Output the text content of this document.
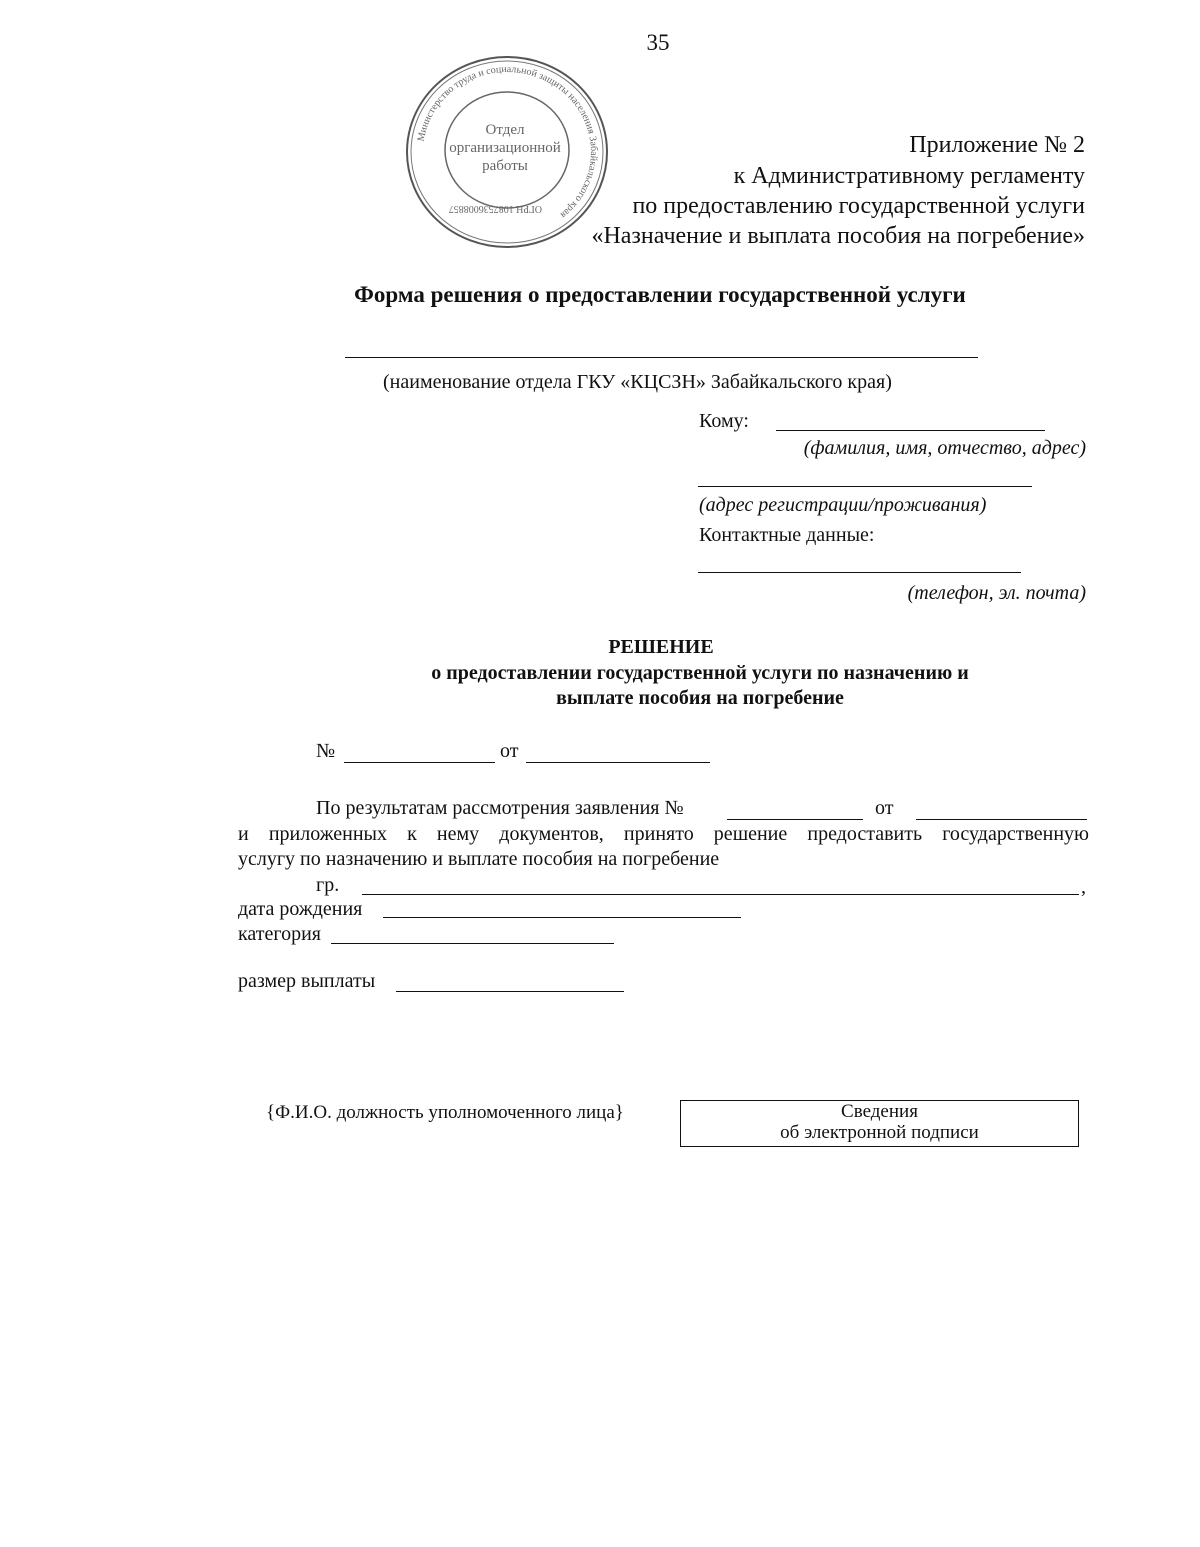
35
Министерство труда и социальной защиты населения Забайкальского края
ОГРН 1087536008857
Отдел
организационной
работы
Приложение № 2
к Административному регламенту
по предоставлению государственной услуги
«Назначение и выплата пособия на погребение»
Форма решения о предоставлении государственной услуги
(наименование отдела ГКУ «КЦСЗН» Забайкальского края)
Кому:
(фамилия, имя, отчество, адрес)
(адрес регистрации/проживания)
Контактные данные:
(телефон, эл. почта)
РЕШЕНИЕ
о предоставлении государственной услуги по назначению и
выплате пособия на погребение
№	от
По результатам рассмотрения заявления №	от
и приложенных к нему документов, принято решение предоставить государственную
услугу по назначению и выплате пособия на погребение
гр.	,
дата рождения
категория
размер выплаты
{Ф.И.О. должность уполномоченного лица}	Сведения
об электронной подписи
